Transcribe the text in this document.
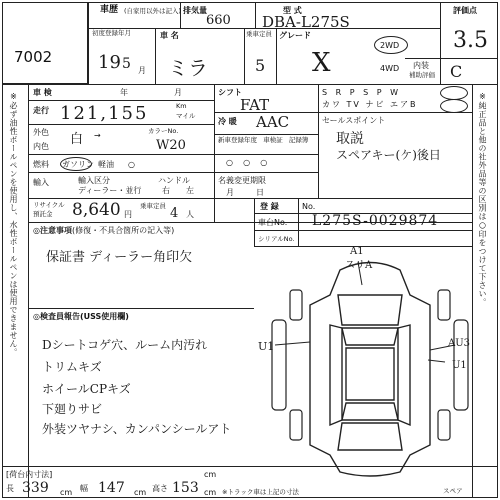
7002
車歴 (自家用以外は記入) 排気量
660
型 式
DBA-L275S
評価点
3.5
初度登録年月
19 5 月
車 名
ミラ
乗車定員
5
グレード
X
2WD
4WD 内装
補助評価 C
※必ず油性ボールペンを使用し、水性ボールペンは使用できません。	※純正品と他の社外品等の区別は○印をつけて下さい。
車 検	年	月
走行 121,155	Km
マイル
外色 白 →
内色
カラーNo.
W20
燃料 ガソリン 軽油 ○
輸入	輸入区分
ディーラー・並行
ハンドル
右 左
リサイクル
預託金 8,640 円
乗車定員 4 人
シフト
FAT
冷 暖 AAC
新車登録年度   車検証   記録簿
○    ○    ○
名義変更期限
月	日
S R P S P W
カワ TV ナビ エアB
セールスポイント
取説
スペアキー(ケ)後日
登 録	No.
車台No. L275S-0029874
シリアルNo.
◎注意事項(修復・不具合箇所の記入等)
保証書 ディーラー角印欠
◎検査員報告(USS使用欄)
Dシートコゲ穴、ルーム内汚れ
トリムキズ
ホイールCPキズ
下廻りサビ
外装ツヤナシ、カンパンシールアト
A1
スリA
U1	AU3
U1
スペア
[荷台内寸法]
長 339 cm 幅 147 cm 高さ 153 cm
cm
※トラック車は上記の寸法
